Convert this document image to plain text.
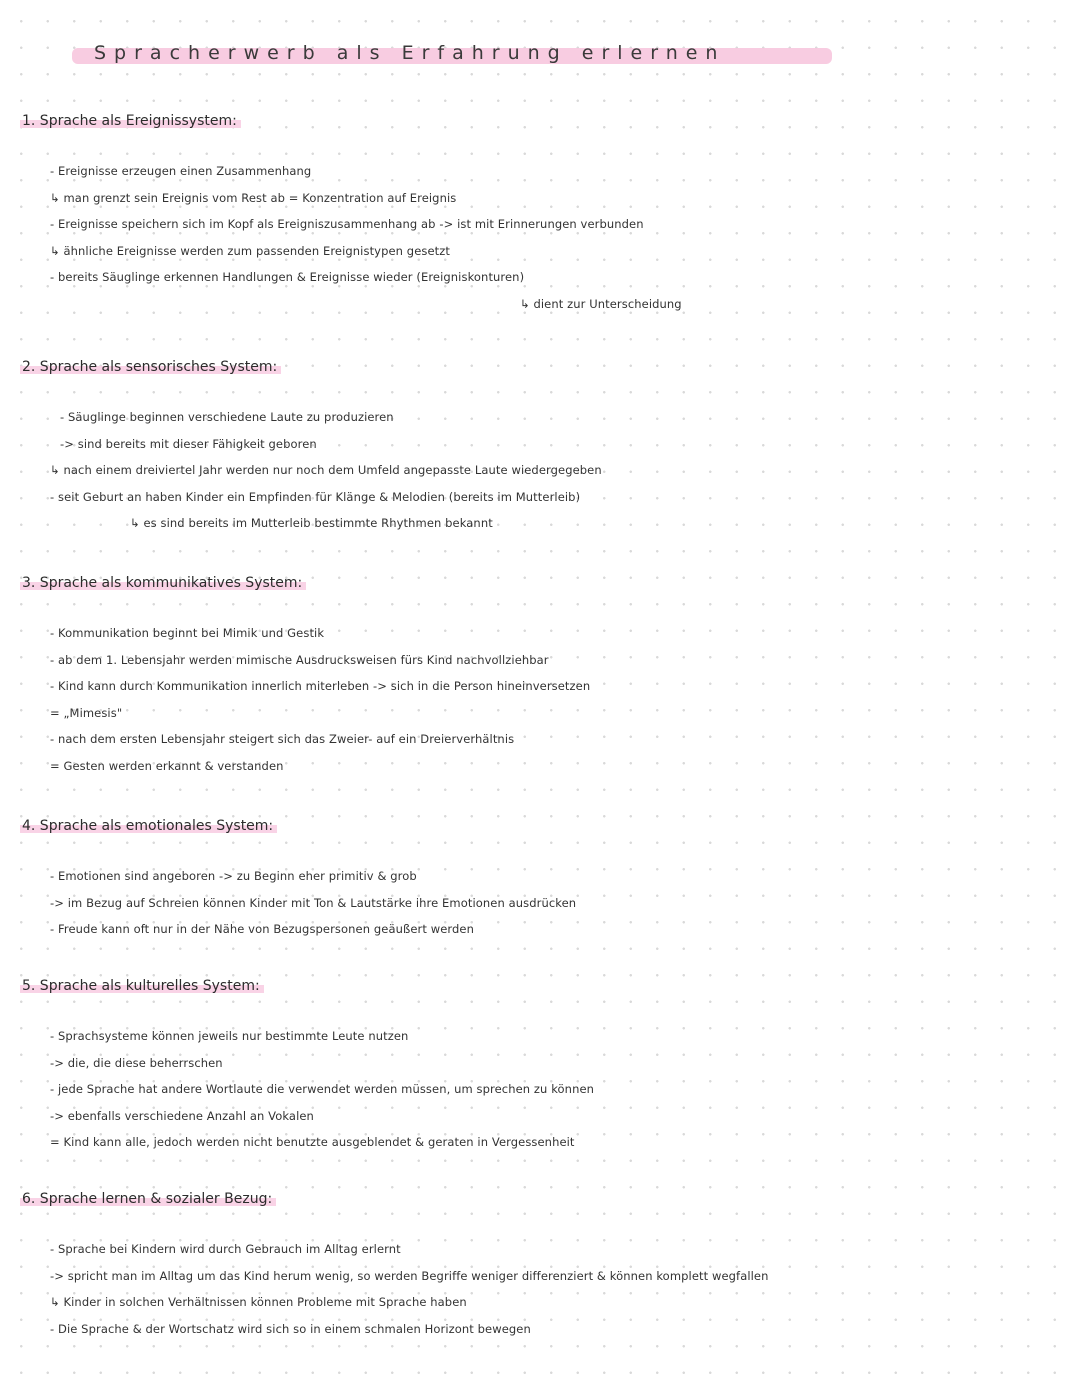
Spracherwerb als Erfahrung erlernen
1. Sprache als Ereignissystem:
- Ereignisse erzeugen einen Zusammenhang
↳ man grenzt sein Ereignis vom Rest ab = Konzentration auf Ereignis
- Ereignisse speichern sich im Kopf als Ereigniszusammenhang ab -> ist mit Erinnerungen verbunden
↳ ähnliche Ereignisse werden zum passenden Ereignistypen gesetzt
- bereits Säuglinge erkennen Handlungen & Ereignisse wieder (Ereigniskonturen)
↳ dient zur Unterscheidung
2. Sprache als sensorisches System:
- Säuglinge beginnen verschiedene Laute zu produzieren
-> sind bereits mit dieser Fähigkeit geboren
↳ nach einem dreiviertel Jahr werden nur noch dem Umfeld angepasste Laute wiedergegeben
- seit Geburt an haben Kinder ein Empfinden für Klänge & Melodien (bereits im Mutterleib)
↳ es sind bereits im Mutterleib bestimmte Rhythmen bekannt
3. Sprache als kommunikatives System:
- Kommunikation beginnt bei Mimik und Gestik
- ab dem 1. Lebensjahr werden mimische Ausdrucksweisen fürs Kind nachvollziehbar
- Kind kann durch Kommunikation innerlich miterleben -> sich in die Person hineinversetzen
= „Mimesis"
- nach dem ersten Lebensjahr steigert sich das Zweier- auf ein Dreierverhältnis
= Gesten werden erkannt & verstanden
4. Sprache als emotionales System:
- Emotionen sind angeboren -> zu Beginn eher primitiv & grob
-> im Bezug auf Schreien können Kinder mit Ton & Lautstärke ihre Emotionen ausdrücken
- Freude kann oft nur in der Nähe von Bezugspersonen geäußert werden
5. Sprache als kulturelles System:
- Sprachsysteme können jeweils nur bestimmte Leute nutzen
-> die, die diese beherrschen
- jede Sprache hat andere Wortlaute die verwendet werden müssen, um sprechen zu können
-> ebenfalls verschiedene Anzahl an Vokalen
= Kind kann alle, jedoch werden nicht benutzte ausgeblendet & geraten in Vergessenheit
6. Sprache lernen & sozialer Bezug:
- Sprache bei Kindern wird durch Gebrauch im Alltag erlernt
-> spricht man im Alltag um das Kind herum wenig, so werden Begriffe weniger differenziert & können komplett wegfallen
↳ Kinder in solchen Verhältnissen können Probleme mit Sprache haben
- Die Sprache & der Wortschatz wird sich so in einem schmalen Horizont bewegen
